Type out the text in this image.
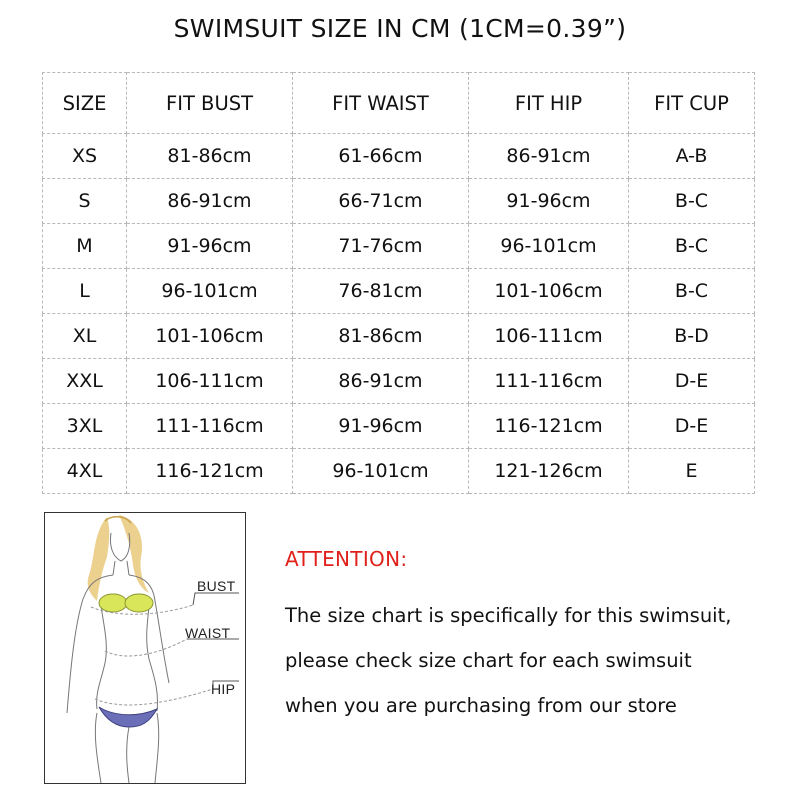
SWIMSUIT SIZE IN CM (1CM=0.39”)
SIZE	FIT BUST	FIT WAIST	FIT HIP	FIT CUP
XS	81-86cm	61-66cm	86-91cm	A-B
S	86-91cm	66-71cm	91-96cm	B-C
M	91-96cm	71-76cm	96-101cm	B-C
L	96-101cm	76-81cm	101-106cm	B-C
XL	101-106cm	81-86cm	106-111cm	B-D
XXL	106-111cm	86-91cm	111-116cm	D-E
3XL	111-116cm	91-96cm	116-121cm	D-E
4XL	116-121cm	96-101cm	121-126cm	E
BUST
WAIST
HIP
ATTENTION:
The size chart is specifically for this swimsuit,
please check size chart for each swimsuit
when you are purchasing from our store
